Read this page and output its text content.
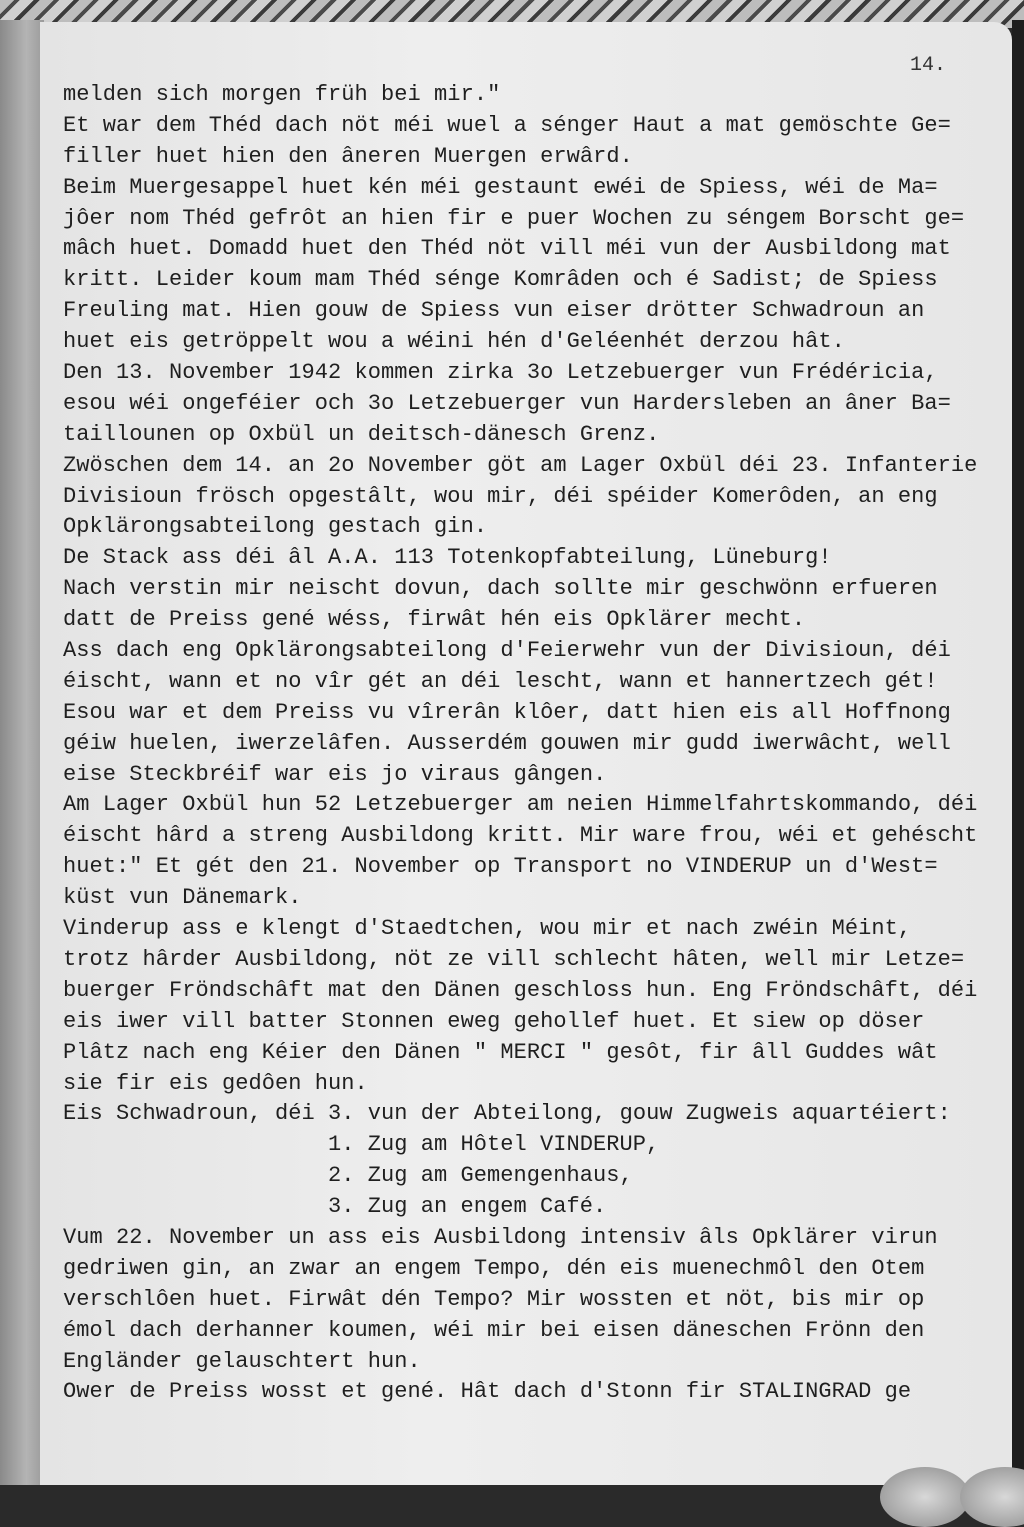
14.
melden sich morgen früh bei mir."
Et war dem Théd dach nöt méi wuel a sénger Haut a mat gemöschte Ge=
filler huet hien den âneren Muergen erwârd.
Beim Muergesappel huet kén méi gestaunt ewéi de Spiess, wéi de Ma=
jôer nom Théd gefrôt an hien fir e puer Wochen zu séngem Borscht ge=
mâch huet. Domadd huet den Théd nöt vill méi vun der Ausbildong mat
kritt. Leider koum mam Théd sénge Komrâden och é Sadist; de Spiess
Freuling mat. Hien gouw de Spiess vun eiser drötter Schwadroun an
huet eis getröppelt wou a wéini hén d'Geléenhét derzou hât.
Den 13. November 1942 kommen zirka 3o Letzebuerger vun Frédéricia,
esou wéi ongeféier och 3o Letzebuerger vun Hardersleben an âner Ba=
taillounen op Oxbül un deitsch-dänesch Grenz.
Zwöschen dem 14. an 2o November göt am Lager Oxbül déi 23. Infanterie
Divisioun frösch opgestâlt, wou mir, déi spéider Komerôden, an eng
Opklärongsabteilong gestach gin.
De Stack ass déi âl A.A. 113 Totenkopfabteilung, Lüneburg!
Nach verstin mir neischt dovun, dach sollte mir geschwönn erfueren
datt de Preiss gené wéss, firwât hén eis Opklärer mecht.
Ass dach eng Opklärongsabteilong d'Feierwehr vun der Divisioun, déi
éischt, wann et no vîr gét an déi lescht, wann et hannertzech gét!
Esou war et dem Preiss vu vîrerân klôer, datt hien eis all Hoffnong
géiw huelen, iwerzelâfen. Ausserdém gouwen mir gudd iwerwâcht, well
eise Steckbréif war eis jo viraus gângen.
Am Lager Oxbül hun 52 Letzebuerger am neien Himmelfahrtskommando, déi
éischt hârd a streng Ausbildong kritt. Mir ware frou, wéi et gehéscht
huet:" Et gét den 21. November op Transport no VINDERUP un d'West=
küst vun Dänemark.
Vinderup ass e klengt d'Staedtchen, wou mir et nach zwéin Méint,
trotz hârder Ausbildong, nöt ze vill schlecht hâten, well mir Letze=
buerger Fröndschâft mat den Dänen geschloss hun. Eng Fröndschâft, déi
eis iwer vill batter Stonnen eweg gehollef huet. Et siew op döser
Plâtz nach eng Kéier den Dänen " MERCI " gesôt, fir âll Guddes wât
sie fir eis gedôen hun.
Eis Schwadroun, déi 3. vun der Abteilong, gouw Zugweis aquartéiert:
1. Zug am Hôtel VINDERUP,
2. Zug am Gemengenhaus,
3. Zug an engem Café.
Vum 22. November un ass eis Ausbildong intensiv âls Opklärer virun
gedriwen gin, an zwar an engem Tempo, dén eis muenechmôl den Otem
verschlôen huet. Firwât dén Tempo? Mir wossten et nöt, bis mir op
émol dach derhanner koumen, wéi mir bei eisen däneschen Frönn den
Engländer gelauschtert hun.
Ower de Preiss wosst et gené. Hât dach d'Stonn fir STALINGRAD ge
